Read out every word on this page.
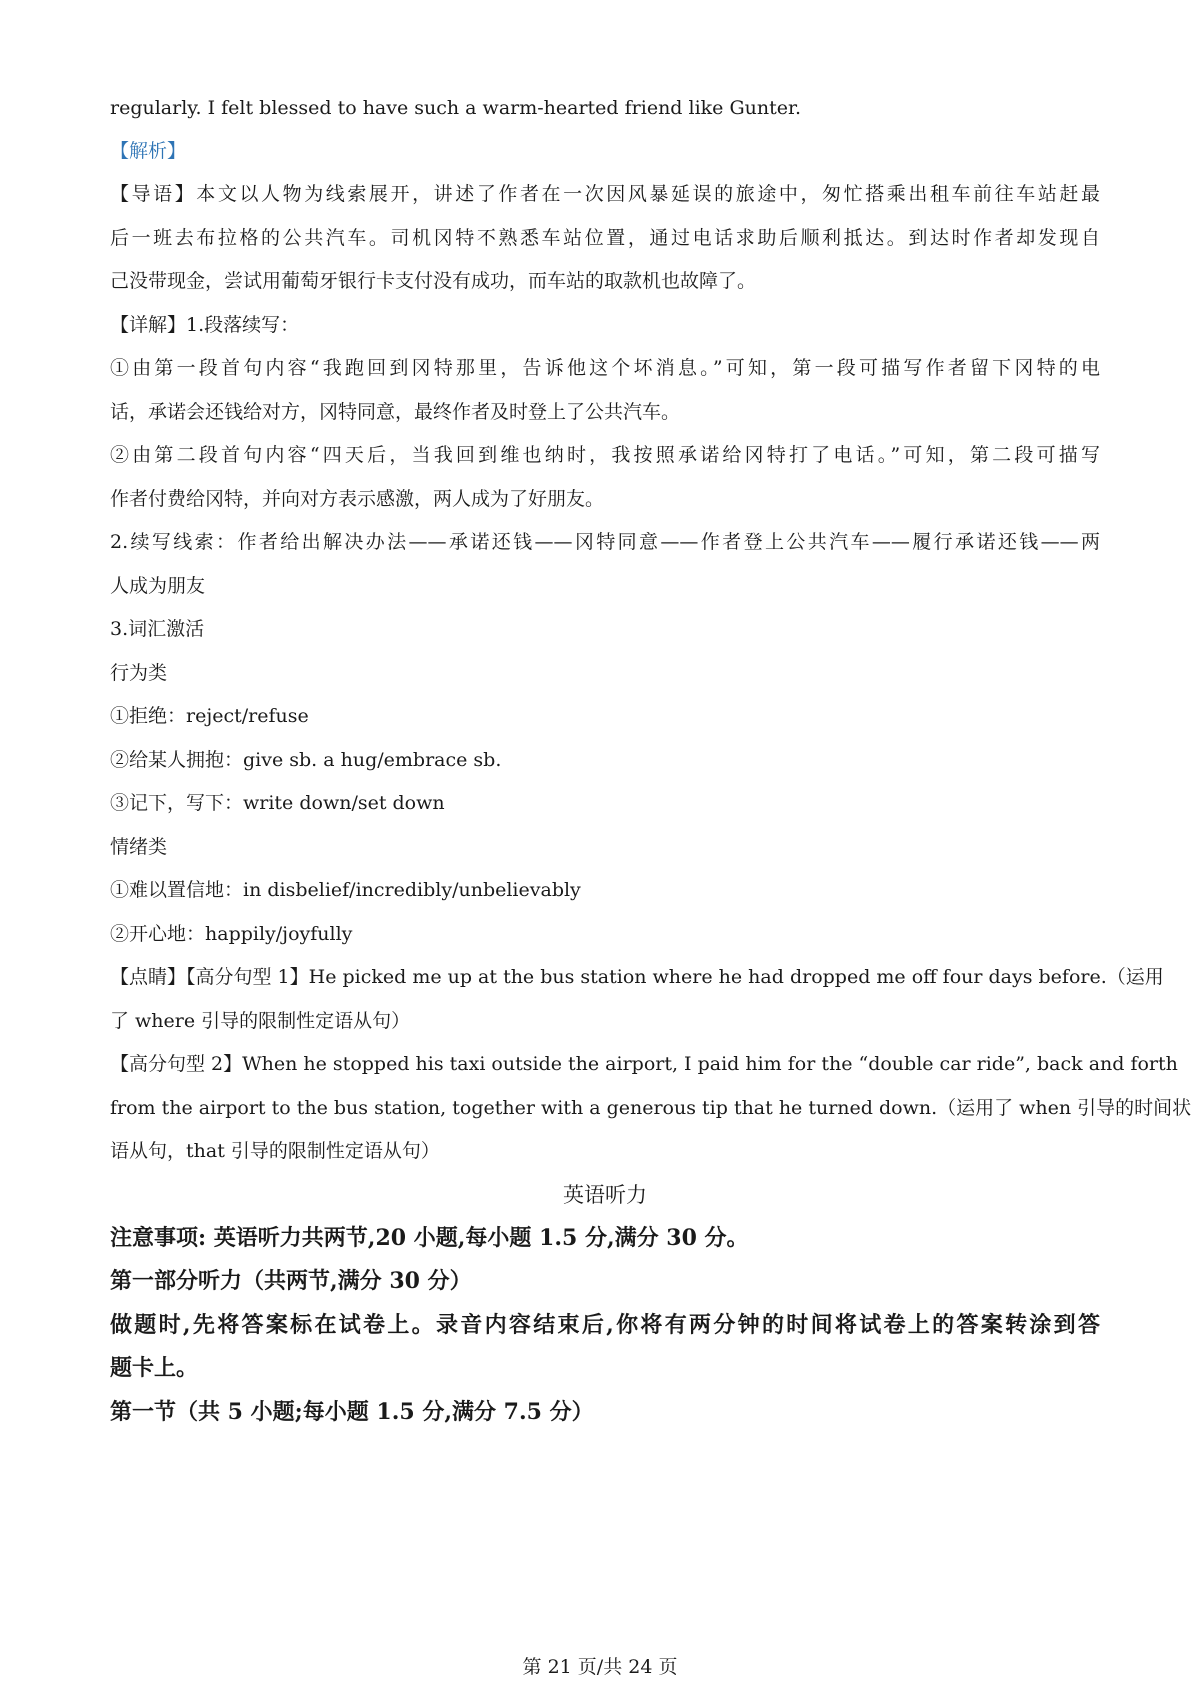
regularly. I felt blessed to have such a warm-hearted friend like Gunter.
【解析】
【导语】本文以人物为线索展开，讲述了作者在一次因风暴延误的旅途中，匆忙搭乘出租车前往车站赶最
后一班去布拉格的公共汽车。司机冈特不熟悉车站位置，通过电话求助后顺利抵达。到达时作者却发现自
己没带现金，尝试用葡萄牙银行卡支付没有成功，而车站的取款机也故障了。
【详解】1.段落续写：
①由第一段首句内容“我跑回到冈特那里，告诉他这个坏消息。”可知，第一段可描写作者留下冈特的电
话，承诺会还钱给对方，冈特同意，最终作者及时登上了公共汽车。
②由第二段首句内容“四天后，当我回到维也纳时，我按照承诺给冈特打了电话。”可知，第二段可描写
作者付费给冈特，并向对方表示感激，两人成为了好朋友。
2.续写线索：作者给出解决办法——承诺还钱——冈特同意——作者登上公共汽车——履行承诺还钱——两
人成为朋友
3.词汇激活
行为类
①拒绝：reject/refuse
②给某人拥抱：give sb. a hug/embrace sb.
③记下，写下：write down/set down
情绪类
①难以置信地：in disbelief/incredibly/unbelievably
②开心地：happily/joyfully
【点睛】【高分句型 1】He picked me up at the bus station where he had dropped me off four days before.（运用
了 where 引导的限制性定语从句）
【高分句型 2】When he stopped his taxi outside the airport, I paid him for the “double car ride”, back and forth
from the airport to the bus station, together with a generous tip that he turned down.（运用了 when 引导的时间状
语从句，that 引导的限制性定语从句）
英语听力
注意事项: 英语听力共两节,20 小题,每小题 1.5 分,满分 30 分。
第一部分听力（共两节,满分 30 分）
做题时,先将答案标在试卷上。录音内容结束后,你将有两分钟的时间将试卷上的答案转涂到答
题卡上。
第一节（共 5 小题;每小题 1.5 分,满分 7.5 分）
第 21 页/共 24 页
